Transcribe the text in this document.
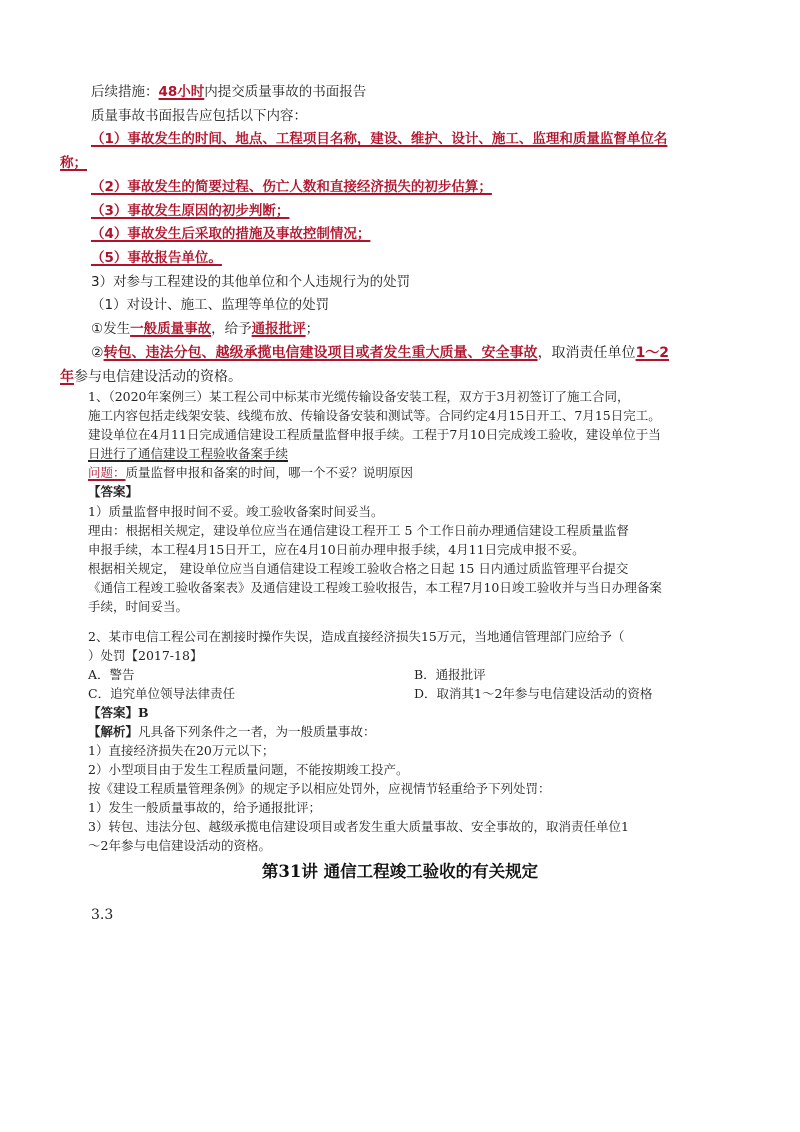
后续措施：48小时内提交质量事故的书面报告
质量事故书面报告应包括以下内容：
（1）事故发生的时间、地点、工程项目名称，建设、维护、设计、施工、监理和质量监督单位名
称；
（2）事故发生的简要过程、伤亡人数和直接经济损失的初步估算；
（3）事故发生原因的初步判断；
（4）事故发生后采取的措施及事故控制情况；
（5）事故报告单位。
3）对参与工程建设的其他单位和个人违规行为的处罚
（1）对设计、施工、监理等单位的处罚
①发生一般质量事故，给予通报批评；
②转包、违法分包、越级承揽电信建设项目或者发生重大质量、安全事故，取消责任单位1～2
年参与电信建设活动的资格。
1、（2020年案例三）某工程公司中标某市光缆传输设备安装工程，双方于3月初签订了施工合同，
施工内容包括走线架安装、线缆布放、传输设备安装和测试等。合同约定4月15日开工、7月15日完工。
建设单位在4月11日完成通信建设工程质量监督申报手续。工程于7月10日完成竣工验收，建设单位于当
日进行了通信建设工程验收备案手续
问题：质量监督申报和备案的时间，哪一个不妥？说明原因
【答案】
1）质量监督申报时间不妥。竣工验收备案时间妥当。
理由：根据相关规定，建设单位应当在通信建设工程开工 5 个工作日前办理通信建设工程质量监督
申报手续，本工程4月15日开工，应在4月10日前办理申报手续，4月11日完成申报不妥。
根据相关规定， 建设单位应当自通信建设工程竣工验收合格之日起 15 日内通过质监管理平台提交
《通信工程竣工验收备案表》及通信建设工程竣工验收报告，本工程7月10日竣工验收并与当日办理备案
手续，时间妥当。
2、某市电信工程公司在割接时操作失误，造成直接经济损失15万元，当地通信管理部门应给予（
）处罚【2017-18】
A．警告	B．通报批评
C．追究单位领导法律责任	D．取消其1～2年参与电信建设活动的资格
【答案】B
【解析】凡具备下列条件之一者，为一般质量事故：
1）直接经济损失在20万元以下；
2）小型项目由于发生工程质量问题，不能按期竣工投产。
按《建设工程质量管理条例》的规定予以相应处罚外，应视情节轻重给予下列处罚：
1）发生一般质量事故的，给予通报批评；
3）转包、违法分包、越级承揽电信建设项目或者发生重大质量事故、安全事故的，取消责任单位1
～2年参与电信建设活动的资格。
第31讲 通信工程竣工验收的有关规定
3.3
